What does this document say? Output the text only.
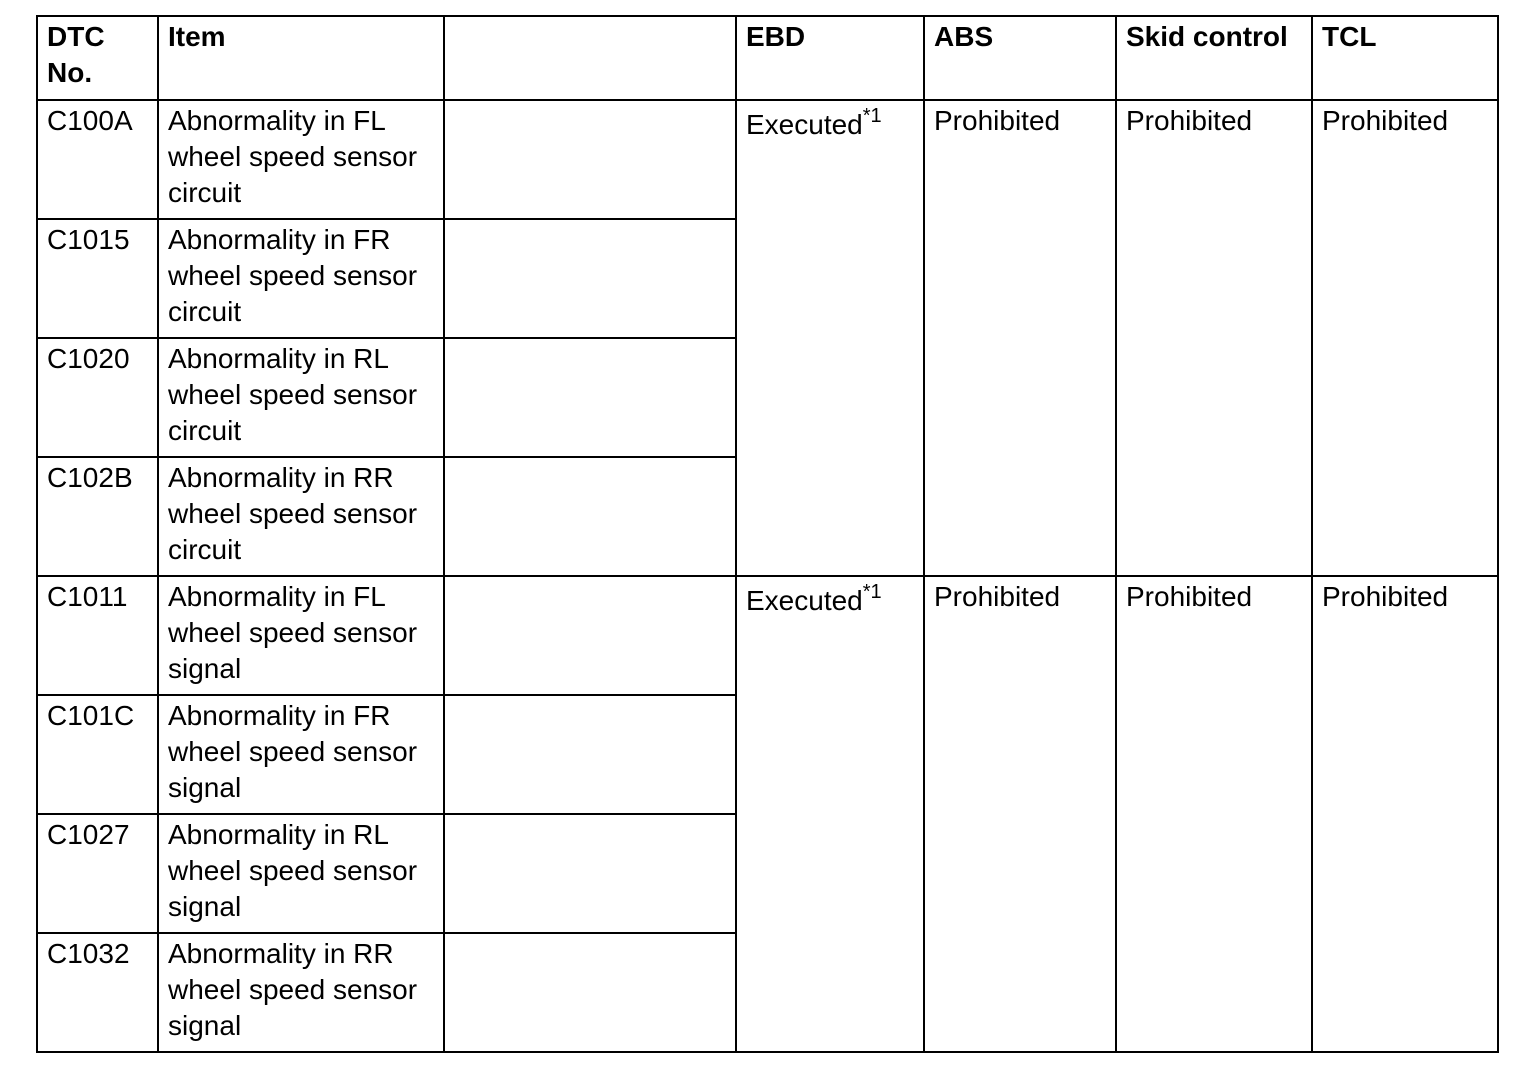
DTC No.	Item		EBD	ABS	Skid control	TCL

C100A	Abnormality in FL wheel speed sensor circuit		Executed$^{*1}$	Prohibited	Prohibited	Prohibited

C1015	Abnormality in FR wheel speed sensor circuit					

C1020	Abnormality in RL wheel speed sensor circuit					

C102B	Abnormality in RR wheel speed sensor circuit					

C1011	Abnormality in FL wheel speed sensor signal		Executed$^{*1}$	Prohibited	Prohibited	Prohibited

C101C	Abnormality in FR wheel speed sensor signal					

C1027	Abnormality in RL wheel speed sensor signal					

C1032	Abnormality in RR wheel speed sensor signal					
